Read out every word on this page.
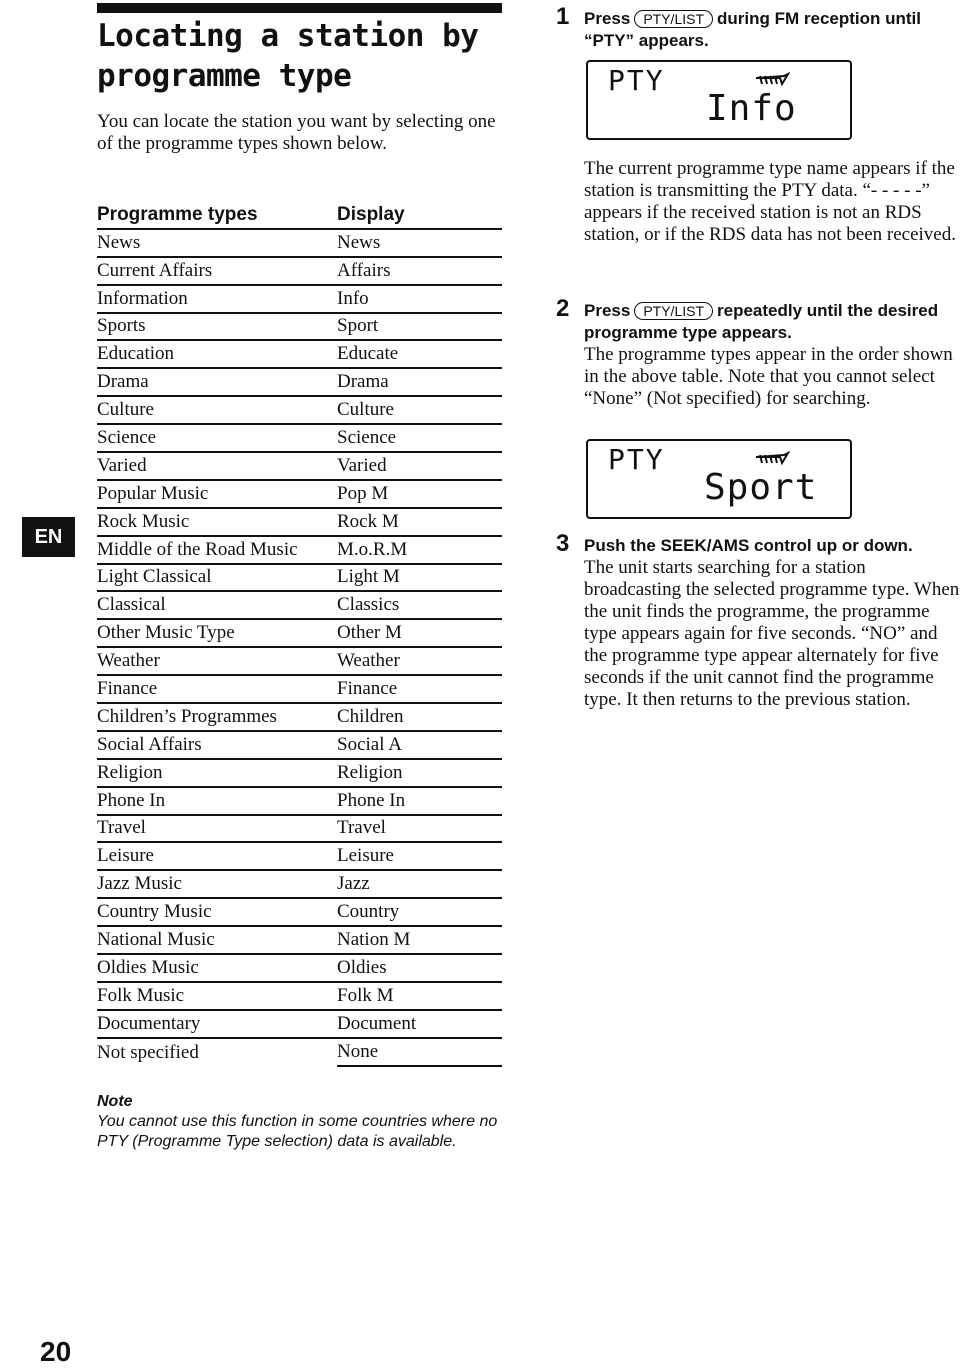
Locating a station by programme type

You can locate the station you want by selecting one of the programme types shown below.

Programme types	Display
News	News
Current Affairs	Affairs
Information	Info
Sports	Sport
Education	Educate
Drama	Drama
Culture	Culture
Science	Science
Varied	Varied
Popular Music	Pop M
Rock Music	Rock M
Middle of the Road Music	M.o.R.M
Light Classical	Light M
Classical	Classics
Other Music Type	Other M
Weather	Weather
Finance	Finance
Children’s Programmes	Children
Social Affairs	Social A
Religion	Religion
Phone In	Phone In
Travel	Travel
Leisure	Leisure
Jazz Music	Jazz
Country Music	Country
National Music	Nation M
Oldies Music	Oldies
Folk Music	Folk M
Documentary	Document
Not specified	None
EN
Note

You cannot use this function in some countries where no PTY (Programme Type selection) data is available.

20
1 Press PTY/LIST during FM reception until “PTY” appears.

PTY
Info

The current programme type name appears if the station is transmitting the PTY data. “- - - - -” appears if the received station is not an RDS station, or if the RDS data has not been received.

2 Press PTY/LIST repeatedly until the desired programme type appears.

The programme types appear in the order shown in the above table. Note that you cannot select “None” (Not specified) for searching.

PTY
Sport
3 Push the SEEK/AMS control up or down.

The unit starts searching for a station broadcasting the selected programme type. When the unit finds the programme, the programme type appears again for five seconds. “NO” and the programme type appear alternately for five seconds if the unit cannot find the programme type. It then returns to the previous station.
